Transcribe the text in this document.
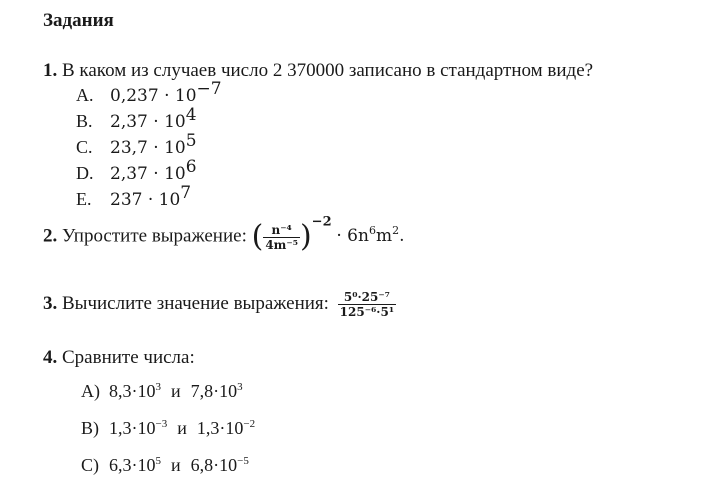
Задания
1. В каком из случаев число 2 370000 записано в стандартном виде?
A. $0,237 \cdot 10^{-7}$
B. $2,37 \cdot 10^4$
C. $23,7 \cdot 10^5$
D. $2,37 \cdot 10^6$
E. $237 \cdot 10^7$
2. Упростите выражение: ( $\frac{\text{n⁻⁴}}{\text{4m⁻⁵}} )^{-2} \cdot 6n^6m^2$.
3. Вычислите значение выражения: $\frac{\text{5⁰·25⁻⁷}}{\text{125⁻⁶·5¹}}$
4. Сравните числа:
A) $8,3\cdot 10^3$ и $7,8\cdot 10^3$
B) $1,3\cdot 10^{-3}$ и $1,3\cdot 10^{-2}$
C) $6,3\cdot 10^5$ и $6,8\cdot 10^{-5}$
